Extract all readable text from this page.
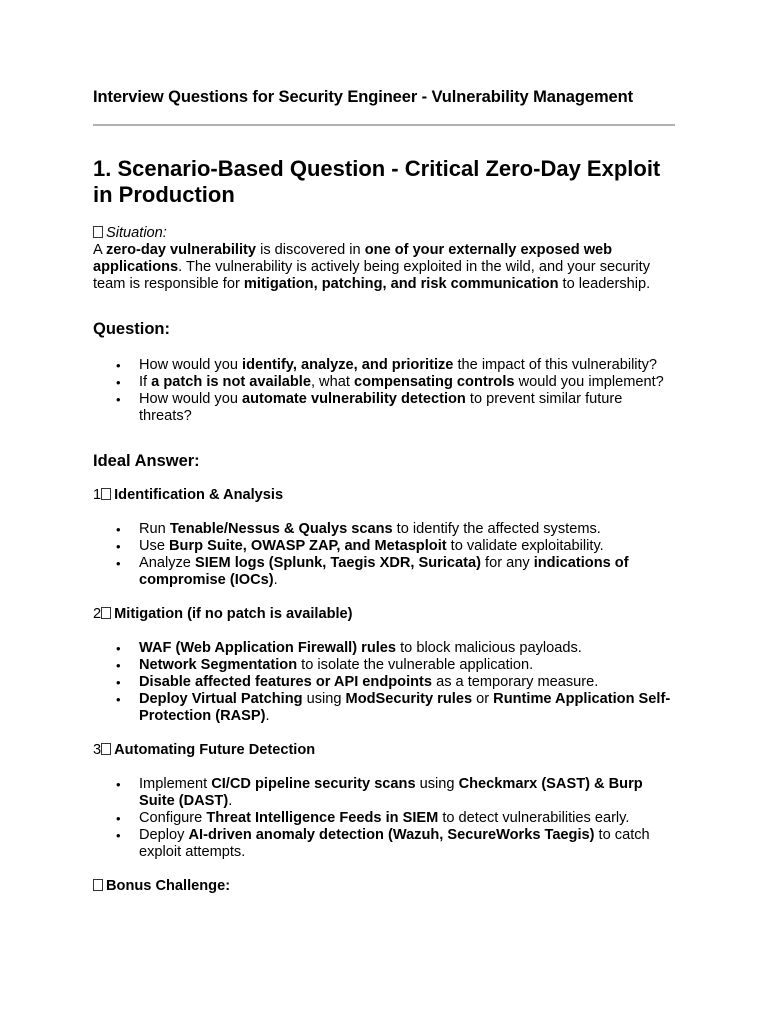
Interview Questions for Security Engineer - Vulnerability Management
1. Scenario-Based Question - Critical Zero-Day Exploit in Production
Situation:

A zero-day vulnerability is discovered in one of your externally exposed web applications. The vulnerability is actively being exploited in the wild, and your security team is responsible for mitigation, patching, and risk communication to leadership.

Question:
• How would you identify, analyze, and prioritize the impact of this vulnerability?
• If a patch is not available, what compensating controls would you implement?
• How would you automate vulnerability detection to prevent similar future threats?
Ideal Answer:

1 Identification & Analysis

• Run Tenable/Nessus & Qualys scans to identify the affected systems.
• Use Burp Suite, OWASP ZAP, and Metasploit to validate exploitability.
• Analyze SIEM logs (Splunk, Taegis XDR, Suricata) for any indications of compromise (IOCs).

2 Mitigation (if no patch is available)

• WAF (Web Application Firewall) rules to block malicious payloads.
• Network Segmentation to isolate the vulnerable application.
• Disable affected features or API endpoints as a temporary measure.
• Deploy Virtual Patching using ModSecurity rules or Runtime Application Self-Protection (RASP).

3 Automating Future Detection

• Implement CI/CD pipeline security scans using Checkmarx (SAST) & Burp Suite (DAST).
• Configure Threat Intelligence Feeds in SIEM to detect vulnerabilities early.
• Deploy AI-driven anomaly detection (Wazuh, SecureWorks Taegis) to catch exploit attempts.

Bonus Challenge:
